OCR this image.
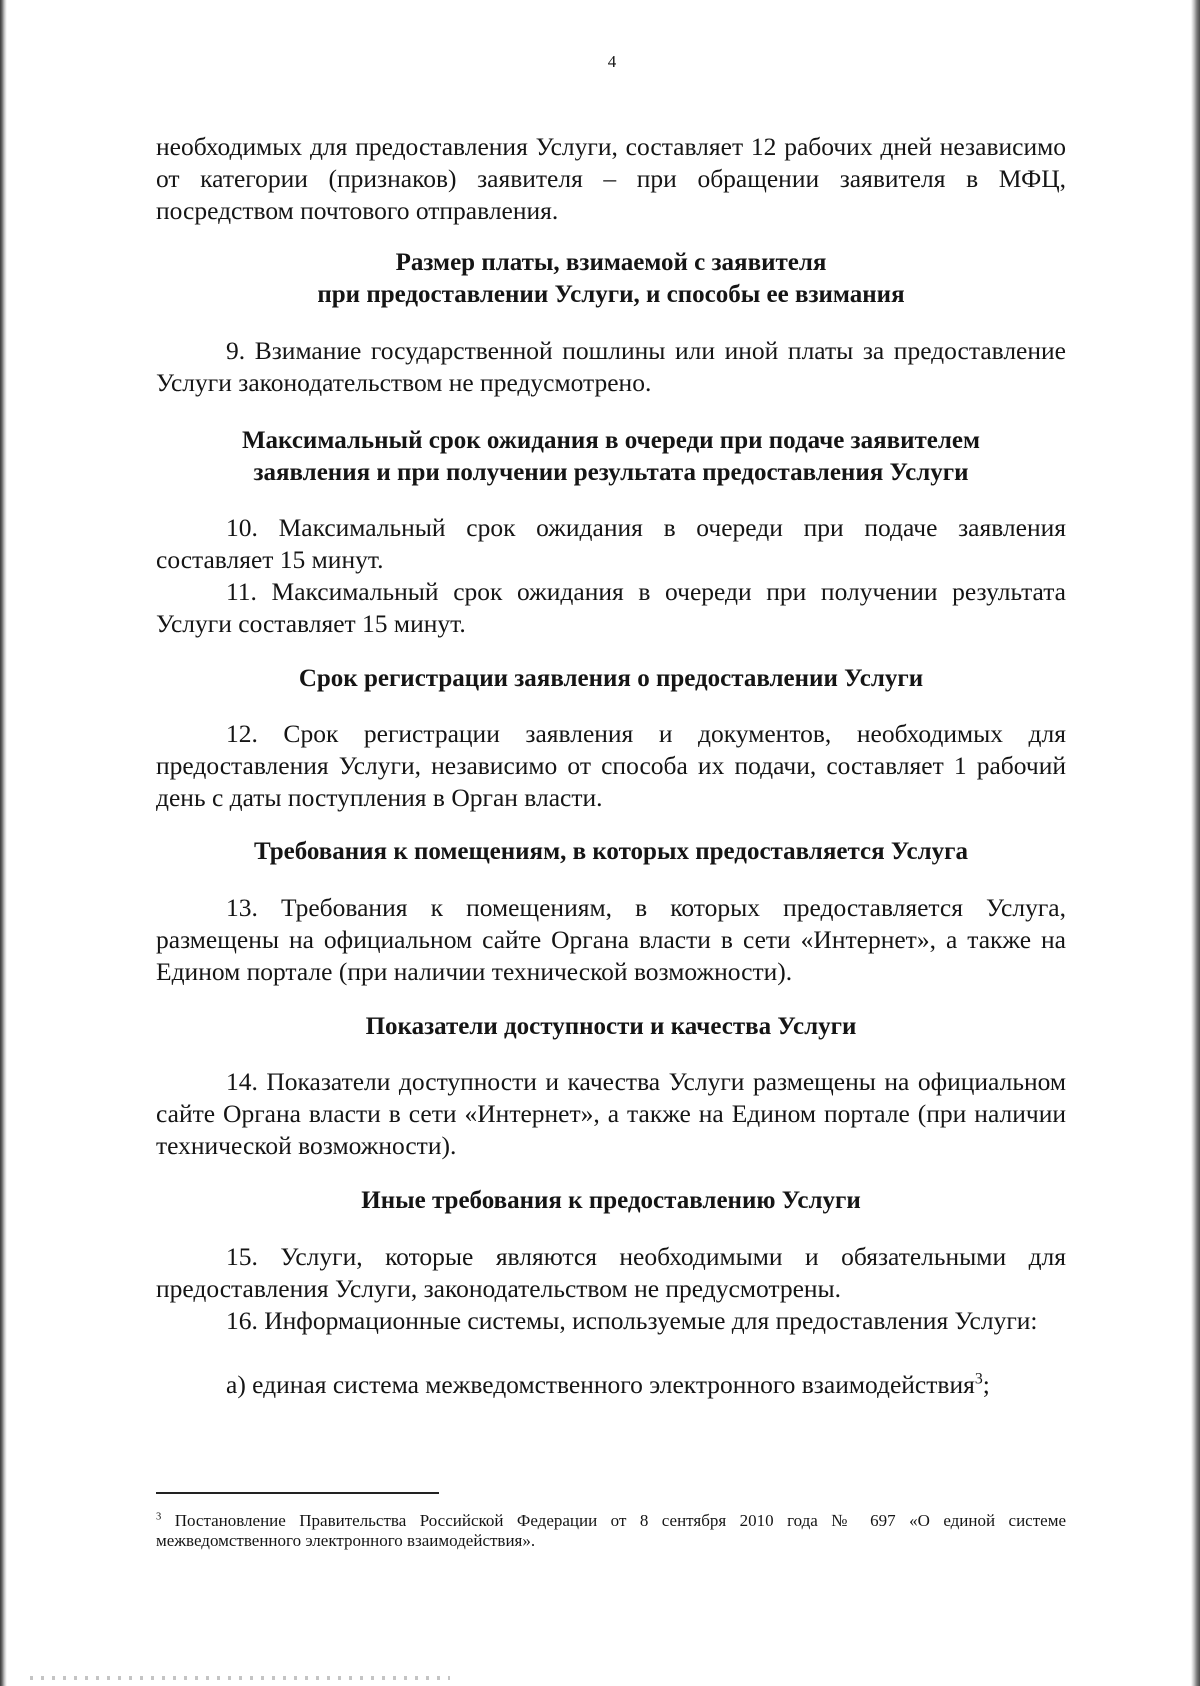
4
необходимых для предоставления Услуги, составляет 12 рабочих дней независимо от категории (признаков) заявителя – при обращении заявителя в МФЦ, посредством почтового отправления.
Размер платы, взимаемой с заявителя
при предоставлении Услуги, и способы ее взимания
9. Взимание государственной пошлины или иной платы за предоставление Услуги законодательством не предусмотрено.
Максимальный срок ожидания в очереди при подаче заявителем
заявления и при получении результата предоставления Услуги
10. Максимальный срок ожидания в очереди при подаче заявления составляет 15 минут.
11. Максимальный срок ожидания в очереди при получении результата Услуги составляет 15 минут.
Срок регистрации заявления о предоставлении Услуги
12. Срок регистрации заявления и документов, необходимых для предоставления Услуги, независимо от способа их подачи, составляет 1 рабочий день с даты поступления в Орган власти.
Требования к помещениям, в которых предоставляется Услуга
13. Требования к помещениям, в которых предоставляется Услуга, размещены на официальном сайте Органа власти в сети «Интернет», а также на Едином портале (при наличии технической возможности).
Показатели доступности и качества Услуги
14. Показатели доступности и качества Услуги размещены на официальном сайте Органа власти в сети «Интернет», а также на Едином портале (при наличии технической возможности).
Иные требования к предоставлению Услуги
15. Услуги, которые являются необходимыми и обязательными для предоставления Услуги, законодательством не предусмотрены.
16. Информационные системы, используемые для предоставления Услуги:
а) единая система межведомственного электронного взаимодействия$^3$;
$^3$ Постановление Правительства Российской Федерации от 8 сентября 2010 года № 697 «О единой системе межведомственного электронного взаимодействия».
